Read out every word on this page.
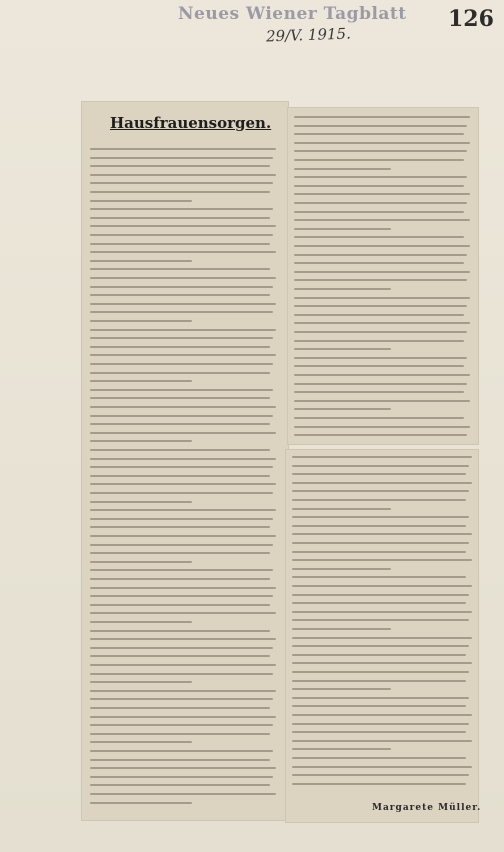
Neues Wiener Tagblatt 126
29/V. 1915.
Hausfrauensorgen.
Margarete Müller.
